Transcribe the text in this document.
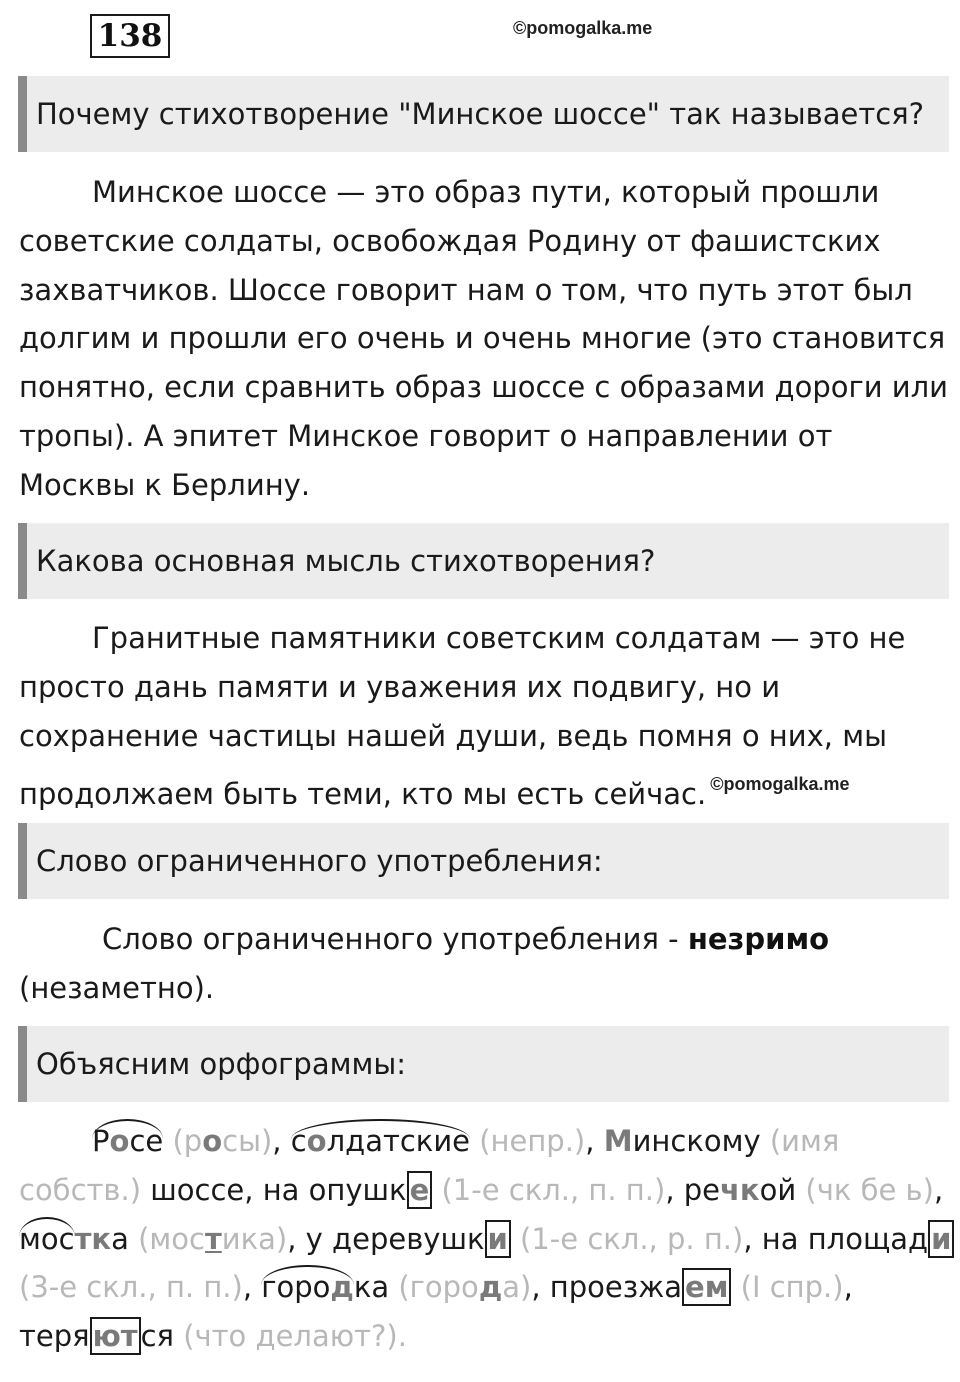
138	©pomogalka.me
Почему стихотворение "Минское шоссе" так называется?
Минское шоссе — это образ пути, который прошли
советские солдаты, освобождая Родину от фашистских
захватчиков. Шоссе говорит нам о том, что путь этот был
долгим и прошли его очень и очень многие (это становится
понятно, если сравнить образ шоссе с образами дороги или
тропы). А эпитет Минское говорит о направлении от
Москвы к Берлину.
Какова основная мысль стихотворения?
Гранитные памятники советским солдатам — это не
просто дань памяти и уважения их подвигу, но и
сохранение частицы нашей души, ведь помня о них, мы
продолжаем быть теми, кто мы есть сейчас. $^{©pomogalka.me}$
Слово ограниченного употребления:
Слово ограниченного употребления - незримо
(незаметно).
Объясним орфограммы:
Росе (росы), солдатские (непр.), Минскому (имя
собств.) шоссе, на опушк е (1-е скл., п. п.), речкой (чк бе ь),
мостка (мостика), у деревушк и (1-е скл., р. п.), на площад и
(3-е скл., п. п.), городка (города), проезжа ем (I спр.),
теря ют ся (что делают?).
